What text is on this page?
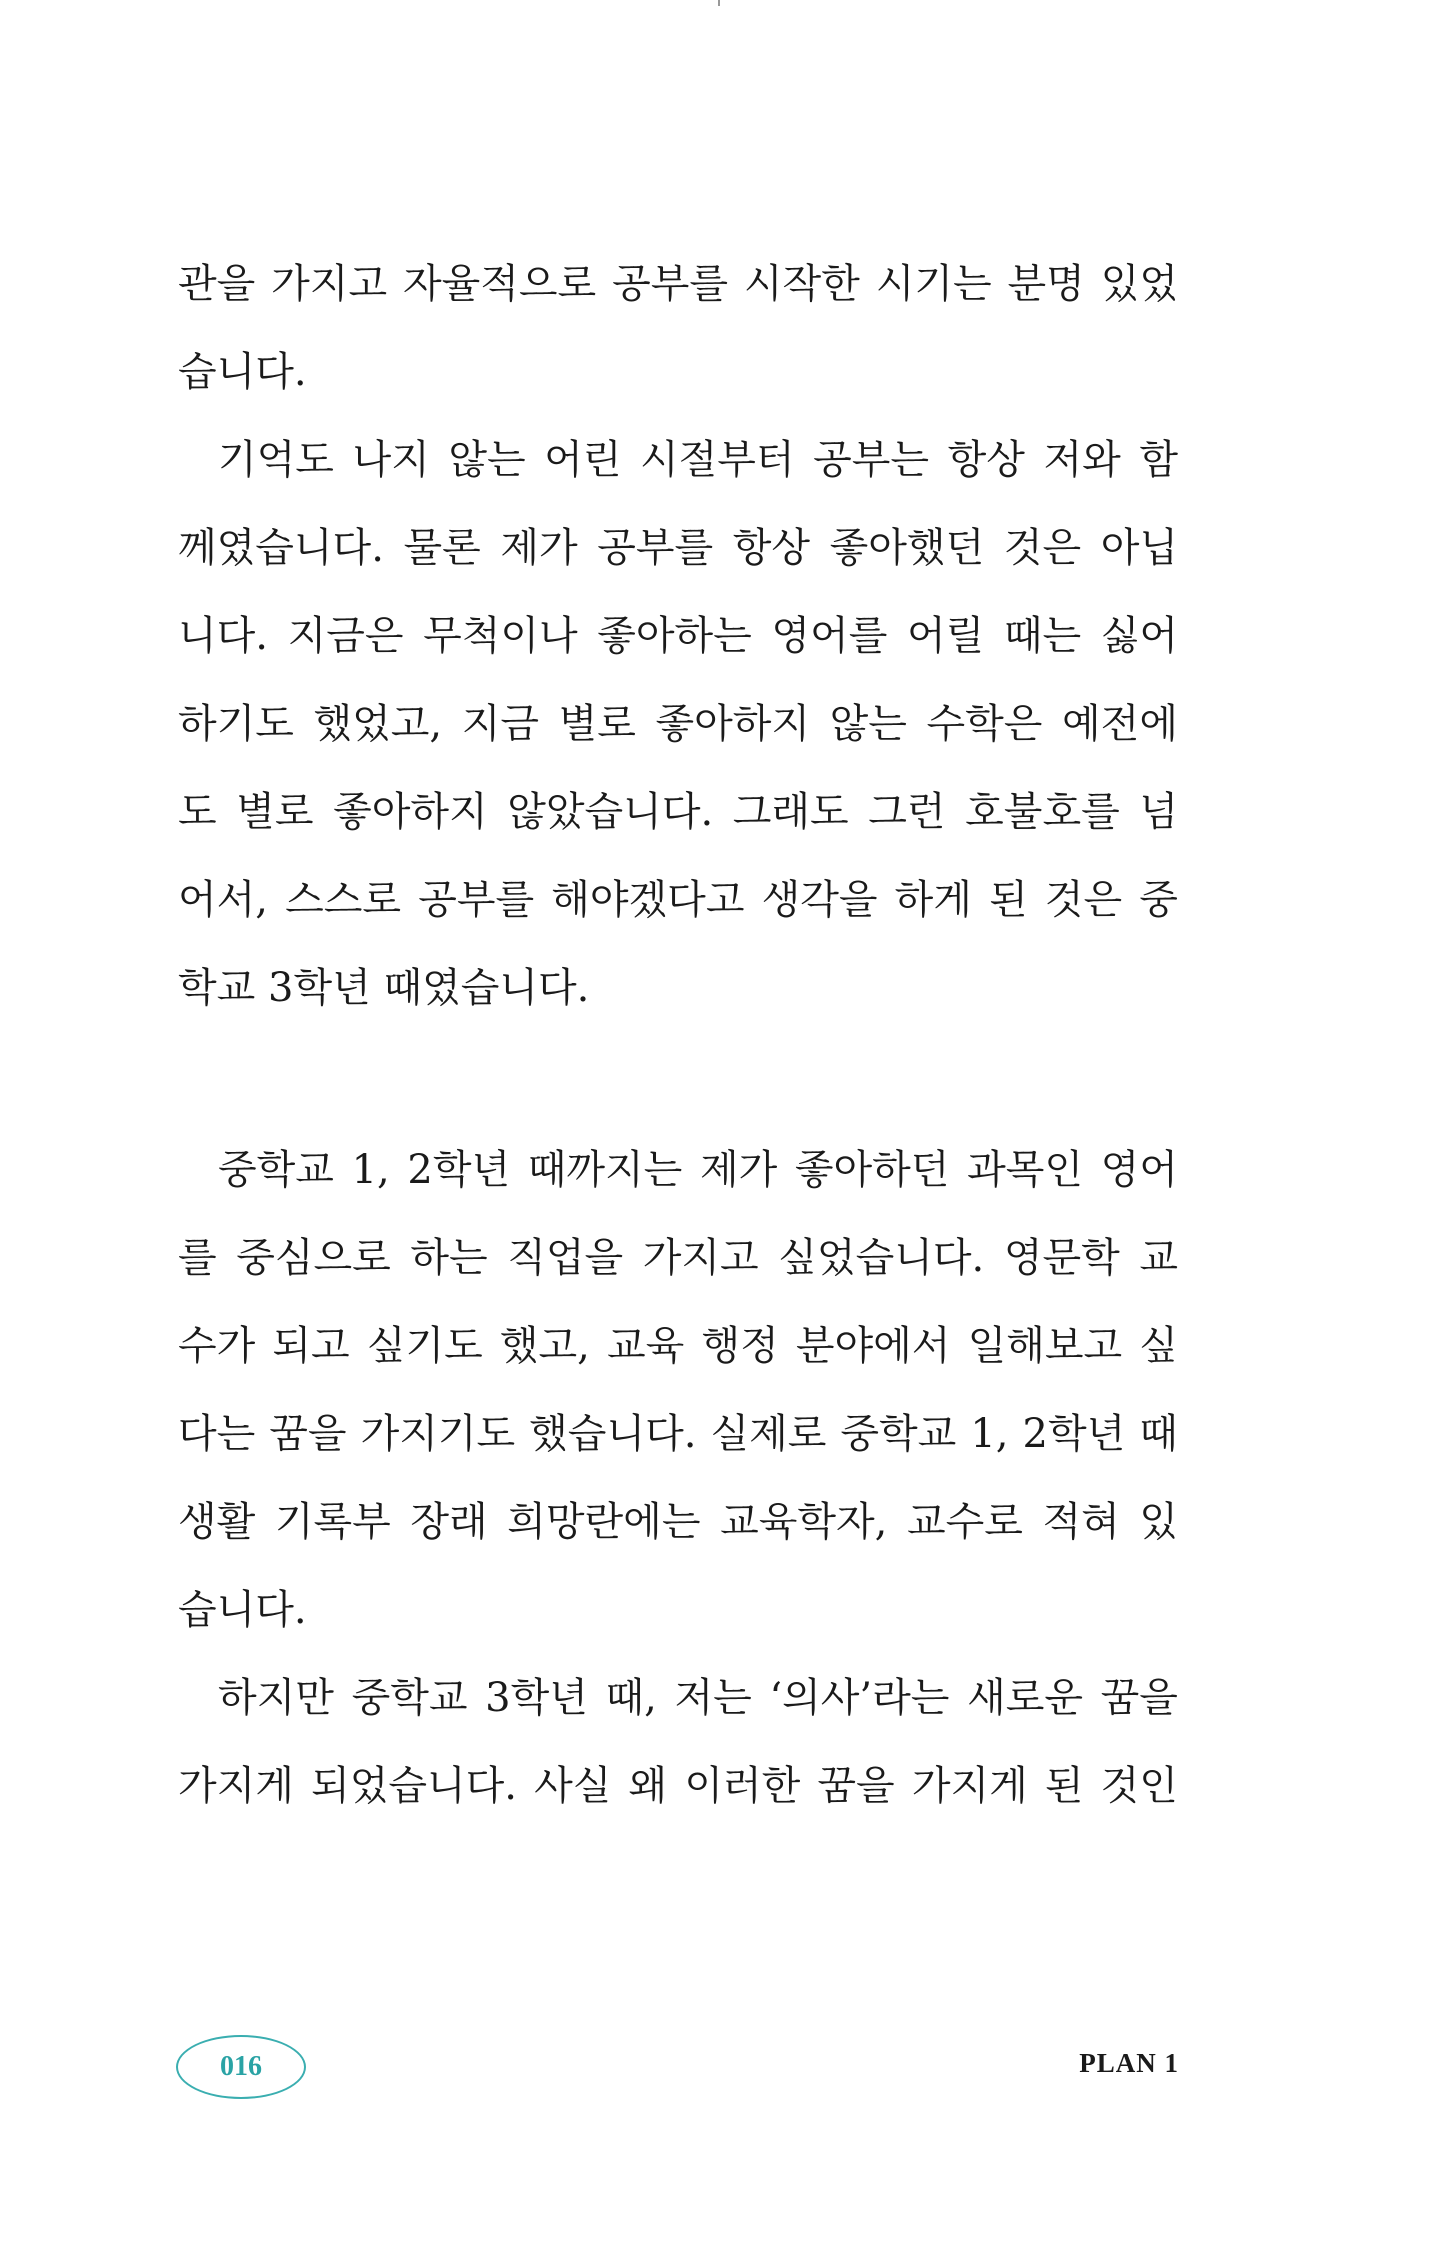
관을 가지고 자율적으로 공부를 시작한 시기는 분명 있었
습니다.
기억도 나지 않는 어린 시절부터 공부는 항상 저와 함
께였습니다. 물론 제가 공부를 항상 좋아했던 것은 아닙
니다. 지금은 무척이나 좋아하는 영어를 어릴 때는 싫어
하기도 했었고, 지금 별로 좋아하지 않는 수학은 예전에
도 별로 좋아하지 않았습니다. 그래도 그런 호불호를 넘
어서, 스스로 공부를 해야겠다고 생각을 하게 된 것은 중
학교 3학년 때였습니다.
중학교 1, 2학년 때까지는 제가 좋아하던 과목인 영어
를 중심으로 하는 직업을 가지고 싶었습니다. 영문학 교
수가 되고 싶기도 했고, 교육 행정 분야에서 일해보고 싶
다는 꿈을 가지기도 했습니다. 실제로 중학교 1, 2학년 때
생활 기록부 장래 희망란에는 교육학자, 교수로 적혀 있
습니다.
하지만 중학교 3학년 때, 저는 ‘의사’라는 새로운 꿈을
가지게 되었습니다. 사실 왜 이러한 꿈을 가지게 된 것인
016	PLAN 1
